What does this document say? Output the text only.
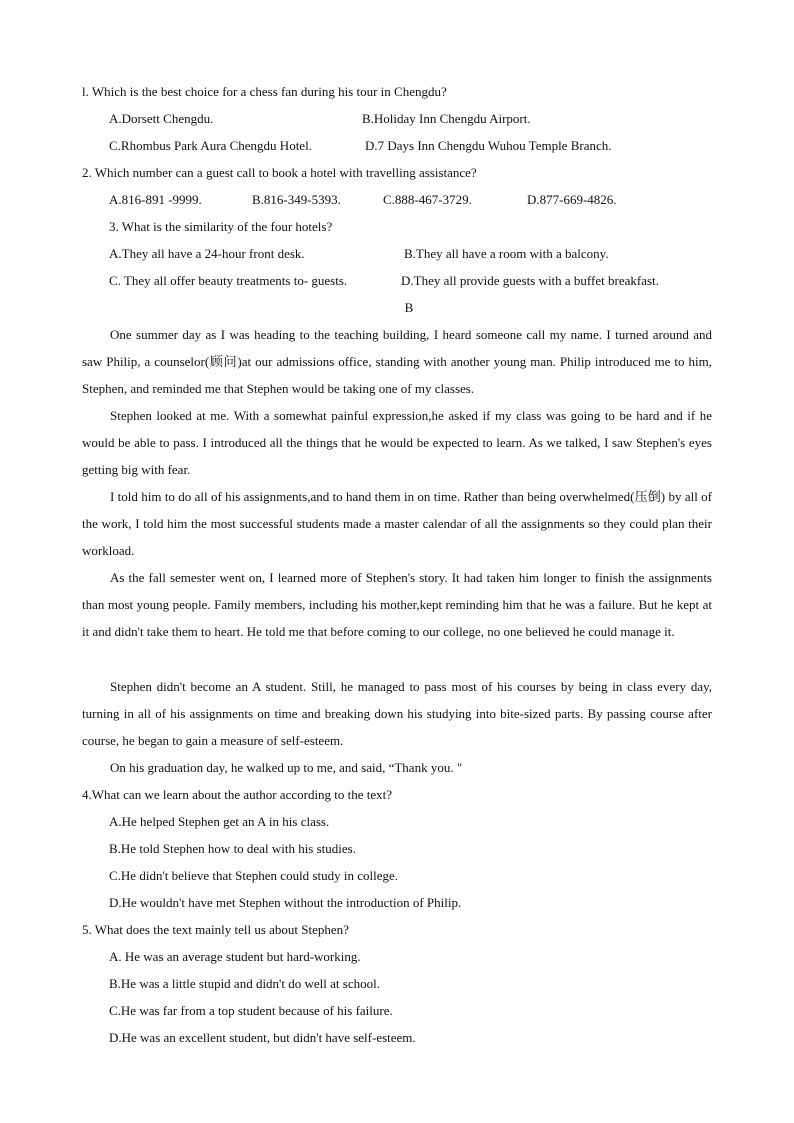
l. Which is the best choice for a chess fan during his tour in Chengdu?
A.Dorsett Chengdu.	B.Holiday Inn Chengdu Airport.
C.Rhombus Park Aura Chengdu Hotel.	D.7 Days Inn Chengdu Wuhou Temple Branch.
2. Which number can a guest call to book a hotel with travelling assistance?
A.816-891 -9999.	B.816-349-5393.	C.888-467-3729.	D.877-669-4826.
3. What is the similarity of the four hotels?
A.They all have a 24-hour front desk.	B.They all have a room with a balcony.
C. They all offer beauty treatments to- guests.	D.They all provide guests with a buffet breakfast.
B

One summer day as I was heading to the teaching building, I heard someone call my name. I turned around and saw Philip, a counselor(顾问)at our admissions office, standing with another young man. Philip introduced me to him, Stephen, and reminded me that Stephen would be taking one of my classes.

Stephen looked at me. With a somewhat painful expression,he asked if my class was going to be hard and if he would be able to pass. I introduced all the things that he would be expected to learn. As we talked, I saw Stephen's eyes getting big with fear.

I told him to do all of his assignments,and to hand them in on time. Rather than being overwhelmed(压倒) by all of the work, I told him the most successful students made a master calendar of all the assignments so they could plan their workload.

As the fall semester went on, I learned more of Stephen's story. It had taken him longer to finish the assignments than most young people. Family members, including his mother,kept reminding him that he was a failure. But he kept at it and didn't take them to heart. He told me that before coming to our college, no one believed he could manage it.

Stephen didn't become an A student. Still, he managed to pass most of his courses by being in class every day, turning in all of his assignments on time and breaking down his studying into bite-sized parts. By passing course after course, he began to gain a measure of self-esteem.

On his graduation day, he walked up to me, and said, “Thank you. "

4.What can we learn about the author according to the text?
A.He helped Stephen get an A in his class.
B.He told Stephen how to deal with his studies.
C.He didn't believe that Stephen could study in college.
D.He wouldn't have met Stephen without the introduction of Philip.
5. What does the text mainly tell us about Stephen?
A. He was an average student but hard-working.
B.He was a little stupid and didn't do well at school.
C.He was far from a top student because of his failure.
D.He was an excellent student, but didn't have self-esteem.
